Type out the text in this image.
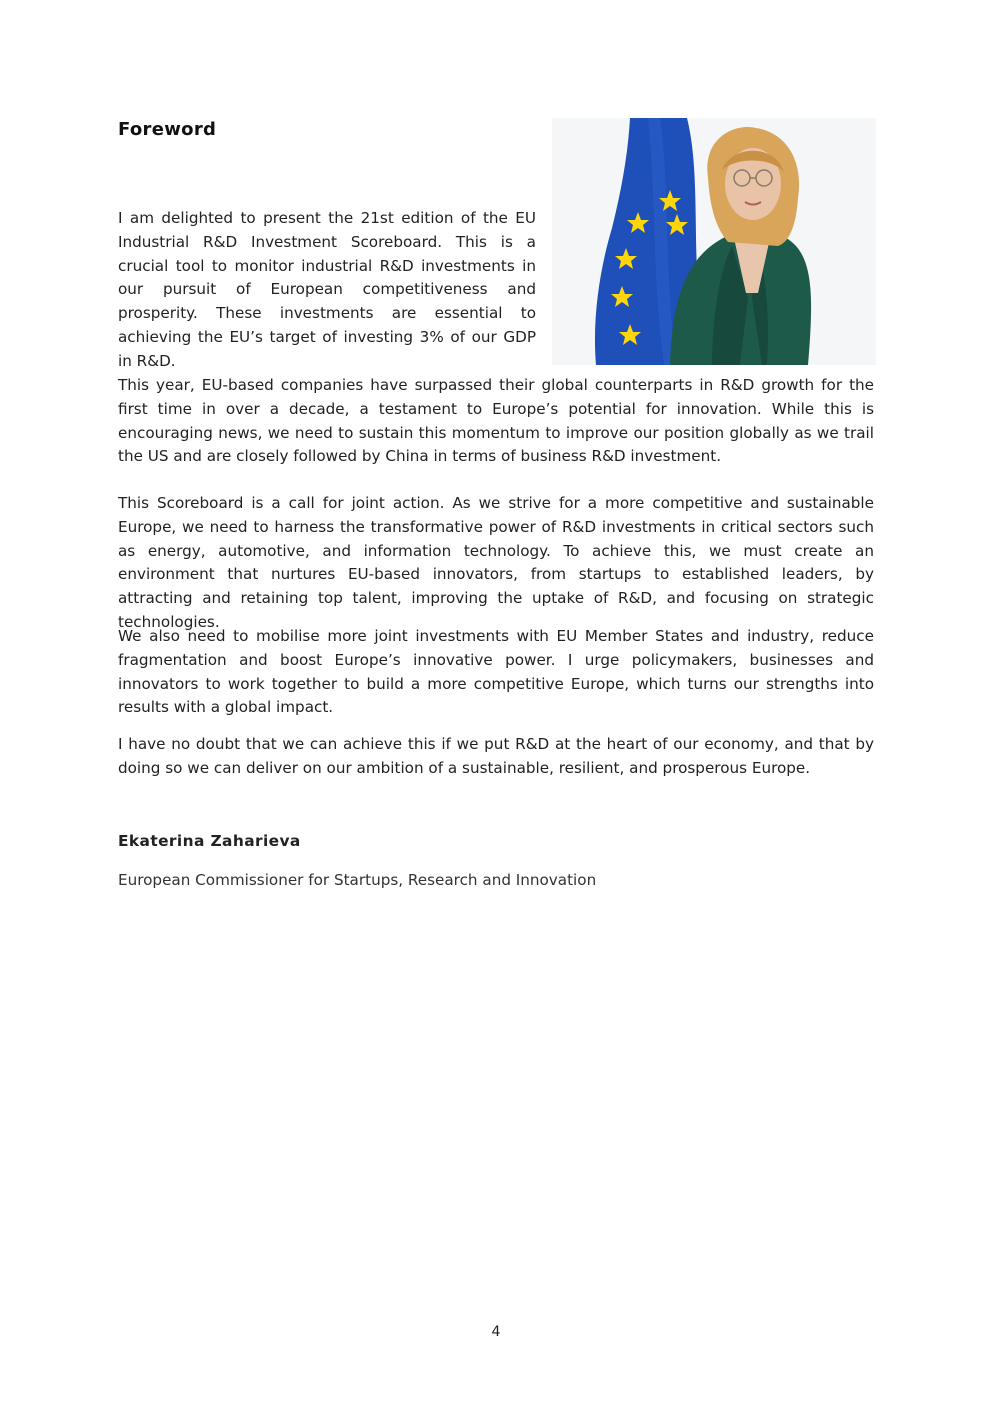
Foreword

I am delighted to present the 21st edition of the EU Industrial R&D Investment Scoreboard. This is a crucial tool to monitor industrial R&D investments in our pursuit of European competitiveness and prosperity. These investments are essential to achieving the EU’s target of investing 3% of our GDP in R&D.

This year, EU-based companies have surpassed their global counterparts in R&D growth for the first time in over a decade, a testament to Europe’s potential for innovation. While this is encouraging news, we need to sustain this momentum to improve our position globally as we trail the US and are closely followed by China in terms of business R&D investment.

This Scoreboard is a call for joint action. As we strive for a more competitive and sustainable Europe, we need to harness the transformative power of R&D investments in critical sectors such as energy, automotive, and information technology. To achieve this, we must create an environment that nurtures EU-based innovators, from startups to established leaders, by attracting and retaining top talent, improving the uptake of R&D, and focusing on strategic technologies.

We also need to mobilise more joint investments with EU Member States and industry, reduce fragmentation and boost Europe’s innovative power. I urge policymakers, businesses and innovators to work together to build a more competitive Europe, which turns our strengths into results with a global impact.

I have no doubt that we can achieve this if we put R&D at the heart of our economy, and that by doing so we can deliver on our ambition of a sustainable, resilient, and prosperous Europe.

Ekaterina Zaharieva

European Commissioner for Startups, Research and Innovation

4
